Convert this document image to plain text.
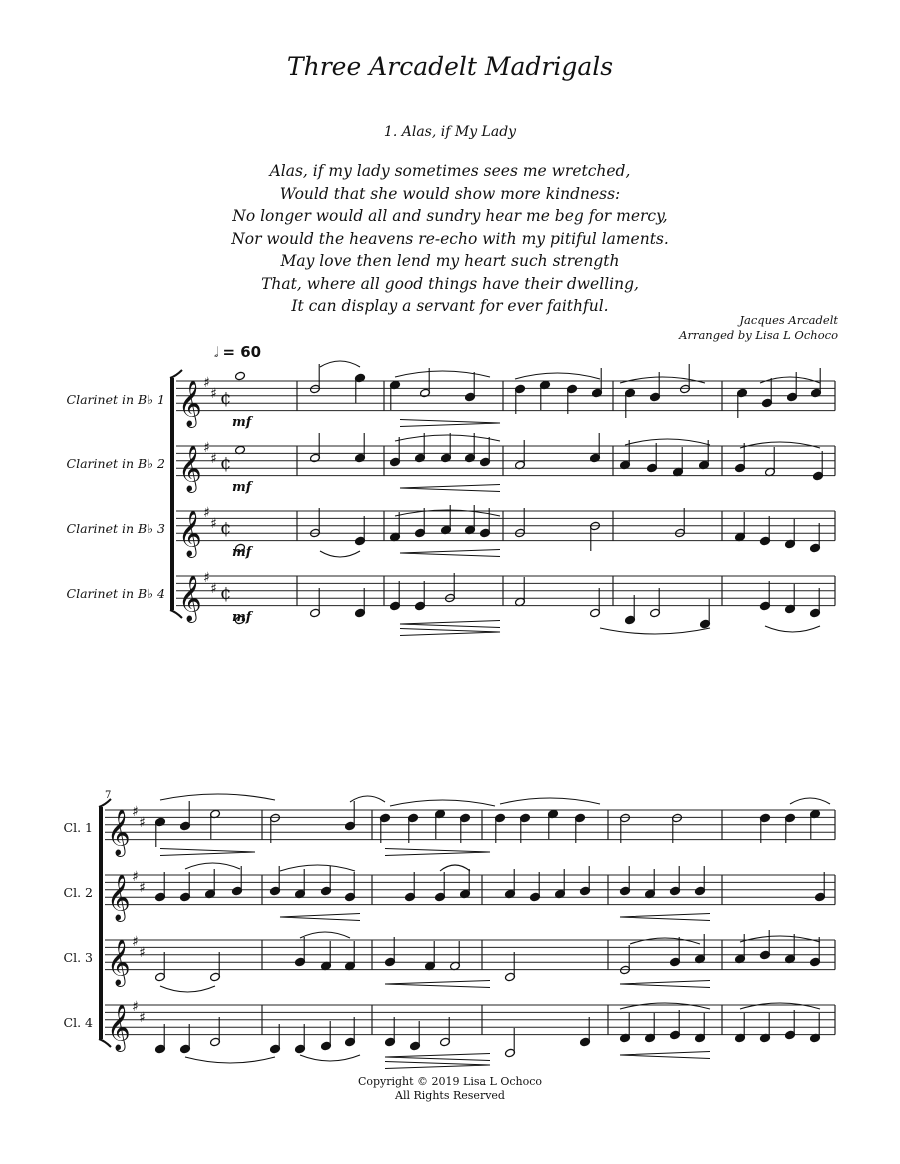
Three Arcadelt Madrigals
1. Alas, if My Lady
Alas, if my lady sometimes sees me wretched,
Would that she would show more kindness:
No longer would all and sundry hear me beg for mercy,
Nor would the heavens re-echo with my pitiful laments.
May love then lend my heart such strength
That, where all good things have their dwelling,
It can display a servant for ever faithful.
Jacques Arcadelt
Arranged by Lisa L Ochoco
𝅗𝅥 = 60
Clarinet in B♭ 1
Clarinet in B♭ 2
Clarinet in B♭ 3
Clarinet in B♭ 4
mf
mf
mf
mf
7
Cl. 1
Cl. 2
Cl. 3
Cl. 4
Copyright © 2019 Lisa L Ochoco
All Rights Reserved
𝄞 ♯
♯ ¢
𝄞 ♯
♯ ¢
𝄞 ♯
♯ ¢
𝄞 ♯
♯ ¢
𝄞 ♯
♯
𝄞 ♯
♯
𝄞 ♯
♯
𝄞 ♯
♯
